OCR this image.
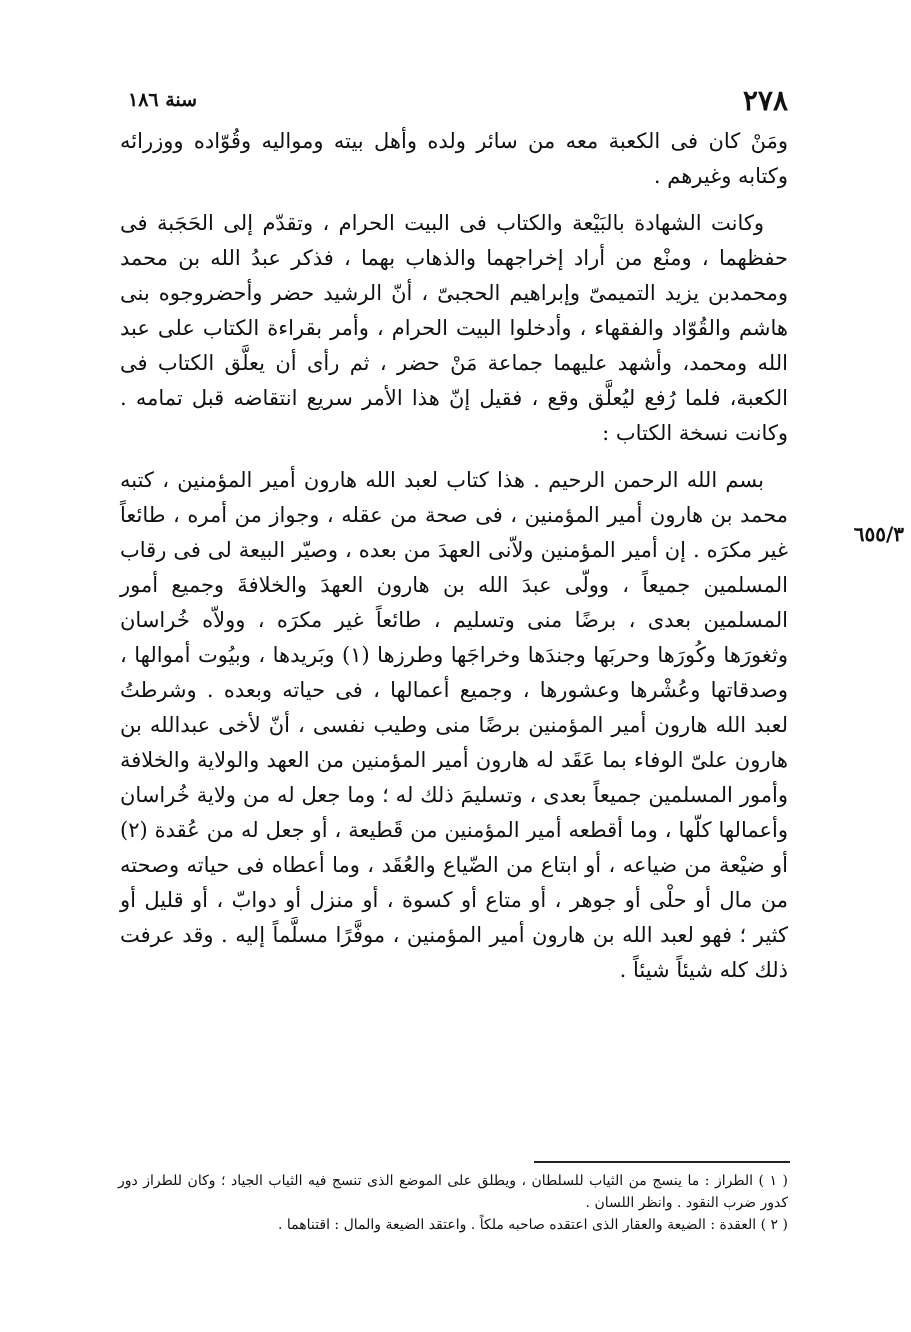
٢٧٨
سنة ١٨٦
٦٥٥/٣

ومَنْ كان فى الكعبة معه من سائر ولده وأهل بيته ومواليه وقُوّاده ووزرائه وكتابه وغيرهم .

وكانت الشهادة بالبَيْعة والكتاب فى البيت الحرام ، وتقدّم إلى الحَجَبة فى حفظهما ، ومنْع من أراد إخراجهما والذهاب بهما ، فذكر عبدُ الله بن محمد ومحمدبن يزيد التميمىّ وإبراهيم الحجبىّ ، أنّ الرشيد حضر وأحضروجوه بنى هاشم والقُوّاد والفقهاء ، وأدخلوا البيت الحرام ، وأمر بقراءة الكتاب على عبد الله ومحمد، وأشهد عليهما جماعة مَنْ حضر ، ثم رأى أن يعلَّق الكتاب فى الكعبة، فلما رُفع ليُعلَّق وقع ، فقيل إنّ هذا الأمر سريع انتقاضه قبل تمامه . وكانت نسخة الكتاب :

بسم الله الرحمن الرحيم . هذا كتاب لعبد الله هارون أمير المؤمنين ، كتبه محمد بن هارون أمير المؤمنين ، فى صحة من عقله ، وجواز من أمره ، طائعاً غير مكرَه . إن أمير المؤمنين ولاّنى العهدَ من بعده ، وصيّر البيعة لى فى رقاب المسلمين جميعاً ، وولّى عبدَ الله بن هارون العهدَ والخلافةَ وجميع أمور المسلمين بعدى ، برضًا منى وتسليم ، طائعاً غير مكرَه ، وولاّه خُراسان وثغورَها وكُورَها وحربَها وجندَها وخراجَها وطرزها (١) وبَريدها ، وبيُوت أموالها ، وصدقاتها وعُشْرها وعشورها ، وجميع أعمالها ، فى حياته وبعده . وشرطتُ لعبد الله هارون أمير المؤمنين برضًا منى وطيب نفسى ، أنّ لأخى عبدالله بن هارون علىّ الوفاء بما عَقَد له هارون أمير المؤمنين من العهد والولاية والخلافة وأمور المسلمين جميعاً بعدى ، وتسليمَ ذلك له ؛ وما جعل له من ولاية خُراسان وأعمالها كلّها ، وما أقطعه أمير المؤمنين من قَطيعة ، أو جعل له من عُقدة (٢) أو ضيْعة من ضياعه ، أو ابتاع من الضّياع والعُقَد ، وما أعطاه فى حياته وصحته من مال أو حلْى أو جوهر ، أو متاع أو كسوة ، أو منزل أو دوابّ ، أو قليل أو كثير ؛ فهو لعبد الله بن هارون أمير المؤمنين ، موفَّرًا مسلَّماً إليه . وقد عرفت ذلك كله شيئاً شيئاً .

( ١ ) الطراز : ما ينسج من الثياب للسلطان ، ويطلق على الموضع الذى تنسج فيه الثياب الجياد ؛ وكان للطراز دور كدور ضرب النقود . وانظر اللسان .

( ٢ ) العقدة : الضيعة والعقار الذى اعتقده صاحبه ملكاً . واعتقد الضيعة والمال : اقتناهما .
